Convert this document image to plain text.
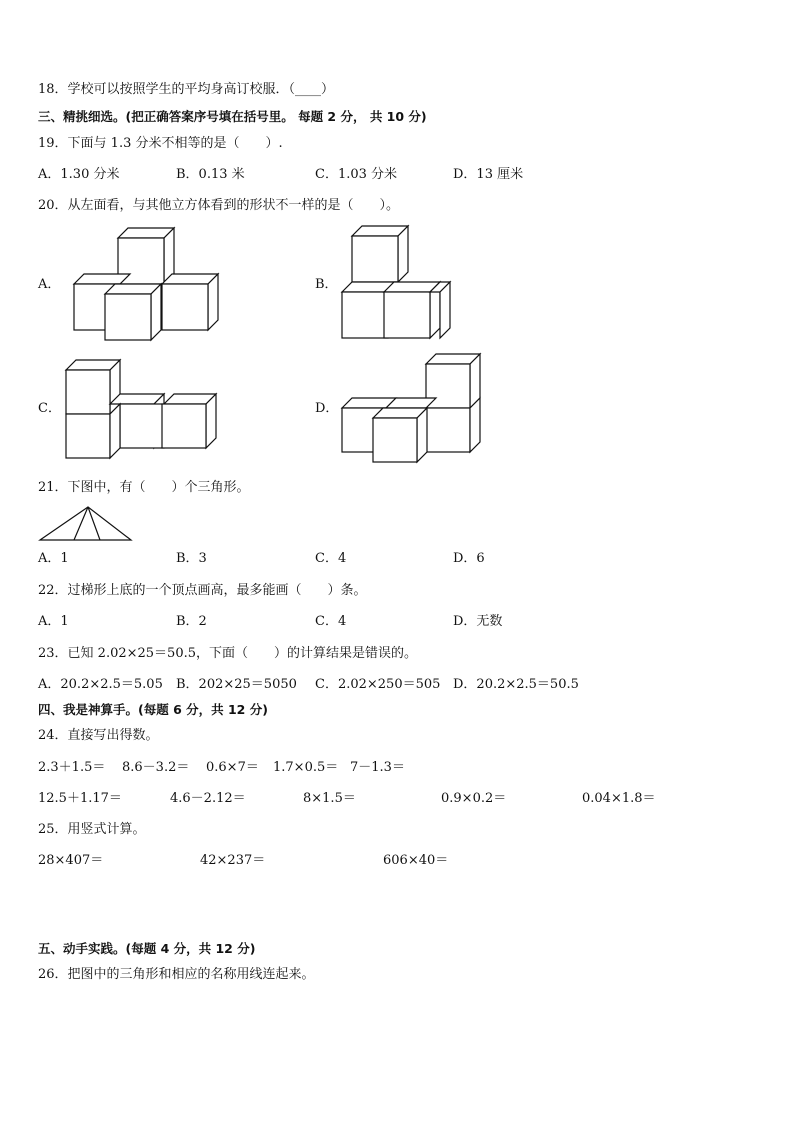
18．学校可以按照学生的平均身高订校服．（____）
三、精挑细选。(把正确答案序号填在括号里。 每题 2 分， 共 10 分)
19．下面与 1.3 分米不相等的是（　　）.
A．1.30 分米	B．0.13 米	C．1.03 分米	D．13 厘米
20．从左面看，与其他立方体看到的形状不一样的是（　　）。
A．	B．
C．	D．
21．下图中，有（　　）个三角形。
A．1	B．3	C．4	D．6
22．过梯形上底的一个顶点画高，最多能画（　　）条。
A．1	B．2	C．4	D．无数
23．已知 2.02×25＝50.5，下面（　　）的计算结果是错误的。
A．20.2×2.5＝5.05 B．202×25＝5050 C．2.02×250＝505 D．20.2×2.5＝50.5
四、我是神算手。(每题 6 分，共 12 分)
24．直接写出得数。
2.3＋1.5＝ 8.6－3.2＝ 0.6×7＝ 1.7×0.5＝ 7－1.3＝
12.5＋1.17＝	4.6－2.12＝	8×1.5＝	0.9×0.2＝	0.04×1.8＝
25．用竖式计算。
28×407＝	42×237＝	606×40＝
五、动手实践。(每题 4 分，共 12 分)
26．把图中的三角形和相应的名称用线连起来。
